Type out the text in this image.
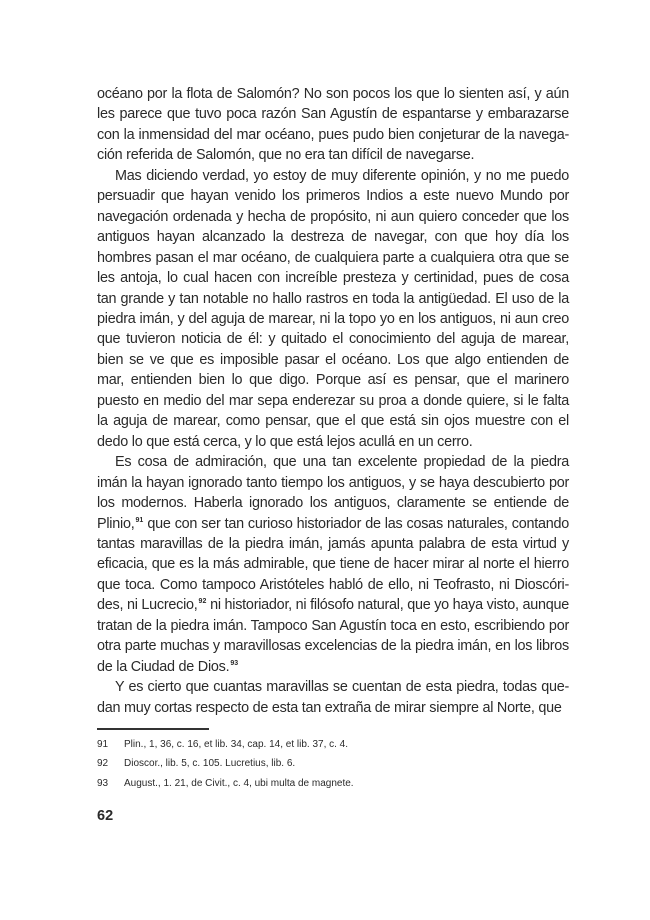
océano por la flota de Salomón? No son pocos los que lo sienten así, y aún les parece que tuvo poca razón San Agustín de espantarse y embarazarse con la inmensidad del mar océano, pues pudo bien conjeturar de la navega-ción referida de Salomón, que no era tan difícil de navegarse.

Mas diciendo verdad, yo estoy de muy diferente opinión, y no me puedo persuadir que hayan venido los primeros Indios a este nuevo Mundo por navegación ordenada y hecha de propósito, ni aun quiero conceder que los antiguos hayan alcanzado la destreza de navegar, con que hoy día los hombres pasan el mar océano, de cualquiera parte a cualquiera otra que se les antoja, lo cual hacen con increíble presteza y certinidad, pues de cosa tan grande y tan notable no hallo rastros en toda la antigüedad. El uso de la piedra imán, y del aguja de marear, ni la topo yo en los antiguos, ni aun creo que tuvieron noticia de él: y quitado el conocimiento del aguja de marear, bien se ve que es imposible pasar el océano. Los que algo entienden de mar, entienden bien lo que digo. Porque así es pensar, que el marinero puesto en medio del mar sepa enderezar su proa a donde quiere, si le falta la aguja de marear, como pensar, que el que está sin ojos muestre con el dedo lo que está cerca, y lo que está lejos acullá en un cerro.

Es cosa de admiración, que una tan excelente propiedad de la piedra imán la hayan ignorado tanto tiempo los antiguos, y se haya descubierto por los modernos. Haberla ignorado los antiguos, claramente se entiende de Plinio,$^{91}$ que con ser tan curioso historiador de las cosas naturales, contando tantas maravillas de la piedra imán, jamás apunta palabra de esta virtud y eficacia, que es la más admirable, que tiene de hacer mirar al norte el hierro que toca. Como tampoco Aristóteles habló de ello, ni Teofrasto, ni Dioscóri-des, ni Lucrecio,$^{92}$ ni historiador, ni filósofo natural, que yo haya visto, aunque tratan de la piedra imán. Tampoco San Agustín toca en esto, escribiendo por otra parte muchas y maravillosas excelencias de la piedra imán, en los libros de la Ciudad de Dios.$^{93}$

Y es cierto que cuantas maravillas se cuentan de esta piedra, todas que-dan muy cortas respecto de esta tan extraña de mirar siempre al Norte, que

91	Plin., 1, 36, c. 16, et lib. 34, cap. 14, et lib. 37, c. 4.
92	Dioscor., lib. 5, c. 105. Lucretius, lib. 6.
93	August., 1. 21, de Civit., c. 4, ubi multa de magnete.
62
